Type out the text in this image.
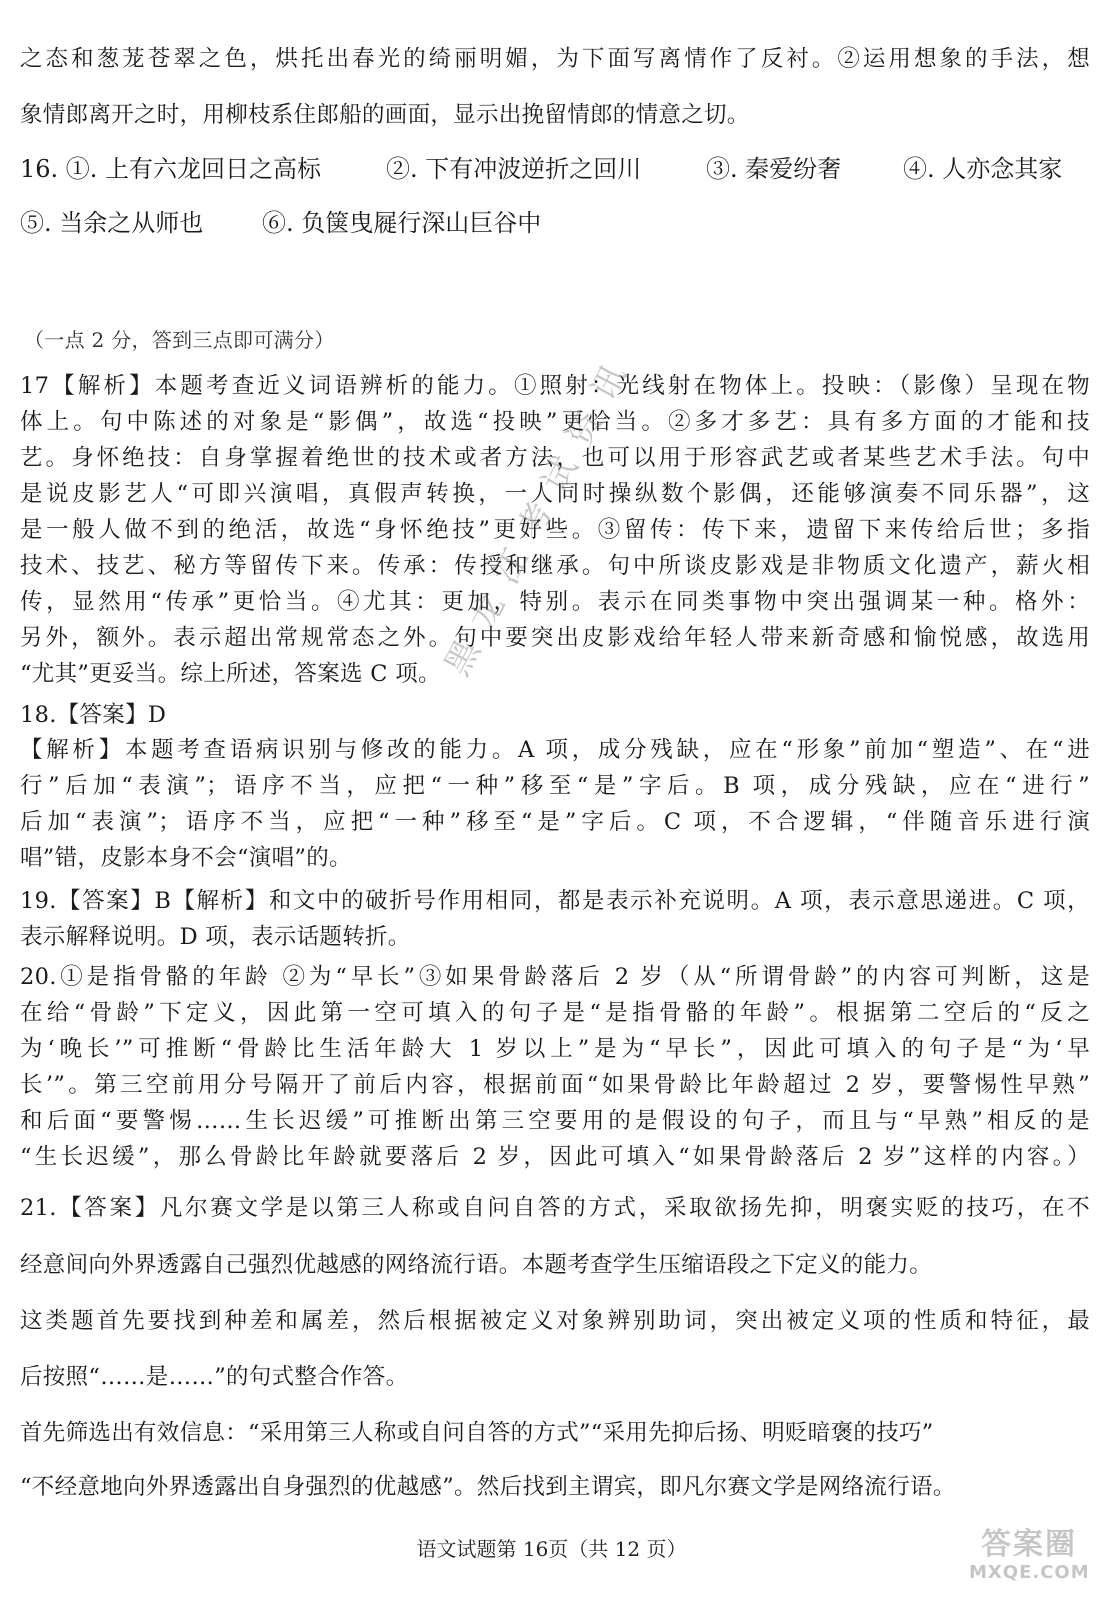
之态和葱茏苍翠之色，烘托出春光的绮丽明媚，为下面写离情作了反衬。②运用想象的手法，想
象情郎离开之时，用柳枝系住郎船的画面，显示出挽留情郎的情意之切。
16. ①. 上有六龙回日之高标	②. 下有冲波逆折之回川	③. 秦爱纷奢	④. 人亦念其家
⑤. 当余之从师也 ⑥. 负箧曳屣行深山巨谷中
（一点 2 分，答到三点即可满分）
17【解析】本题考查近义词语辨析的能力。①照射：光线射在物体上。投映：（影像）呈现在物
体上。句中陈述的对象是“影偶”，故选“投映”更恰当。②多才多艺：具有多方面的才能和技
艺。身怀绝技：自身掌握着绝世的技术或者方法，也可以用于形容武艺或者某些艺术手法。句中
是说皮影艺人“可即兴演唱，真假声转换，一人同时操纵数个影偶，还能够演奏不同乐器”，这
是一般人做不到的绝活，故选“身怀绝技”更好些。③留传：传下来，遗留下来传给后世；多指
技术、技艺、秘方等留传下来。传承：传授和继承。句中所谈皮影戏是非物质文化遗产，薪火相
传，显然用“传承”更恰当。④尤其：更加，特别。表示在同类事物中突出强调某一种。格外：
另外，额外。表示超出常规常态之外。句中要突出皮影戏给年轻人带来新奇感和愉悦感，故选用
“尤其”更妥当。综上所述，答案选 C 项。
18.【答案】D
【解析】本题考查语病识别与修改的能力。A 项，成分残缺，应在“形象”前加“塑造”、在“进
行”后加“表演”；语序不当，应把“一种”移至“是”字后。B 项，成分残缺，应在“进行”
后加“表演”；语序不当，应把“一种”移至“是”字后。C 项，不合逻辑，“伴随音乐进行演
唱”错，皮影本身不会“演唱”的。
19.【答案】B【解析】和文中的破折号作用相同，都是表示补充说明。A 项，表示意思递进。C 项，
表示解释说明。D 项，表示话题转折。
20.①是指骨骼的年龄 ②为“早长”③如果骨龄落后 2 岁（从“所谓骨龄”的内容可判断，这是
在给“骨龄”下定义，因此第一空可填入的句子是“是指骨骼的年龄”。根据第二空后的“反之
为‘晚长’”可推断“骨龄比生活年龄大 1 岁以上”是为“早长”，因此可填入的句子是“为‘早
长’”。第三空前用分号隔开了前后内容，根据前面“如果骨龄比年龄超过 2 岁，要警惕性早熟”
和后面“要警惕……生长迟缓”可推断出第三空要用的是假设的句子，而且与“早熟”相反的是
“生长迟缓”，那么骨龄比年龄就要落后 2 岁，因此可填入“如果骨龄落后 2 岁”这样的内容。）
21.【答案】凡尔赛文学是以第三人称或自问自答的方式，采取欲扬先抑，明褒实贬的技巧，在不
经意间向外界透露自己强烈优越感的网络流行语。本题考查学生压缩语段之下定义的能力。
这类题首先要找到种差和属差，然后根据被定义对象辨别助词，突出被定义项的性质和特征，最
后按照“……是……”的句式整合作答。
首先筛选出有效信息：“采用第三人称或自问自答的方式”“采用先抑后扬、明贬暗褒的技巧”
“不经意地向外界透露出自身强烈的优越感”。然后找到主谓宾，即凡尔赛文学是网络流行语。
语文试题第 16页（共 12 页）
黑龙江考试资讯
答案圈
MXQE.COM
